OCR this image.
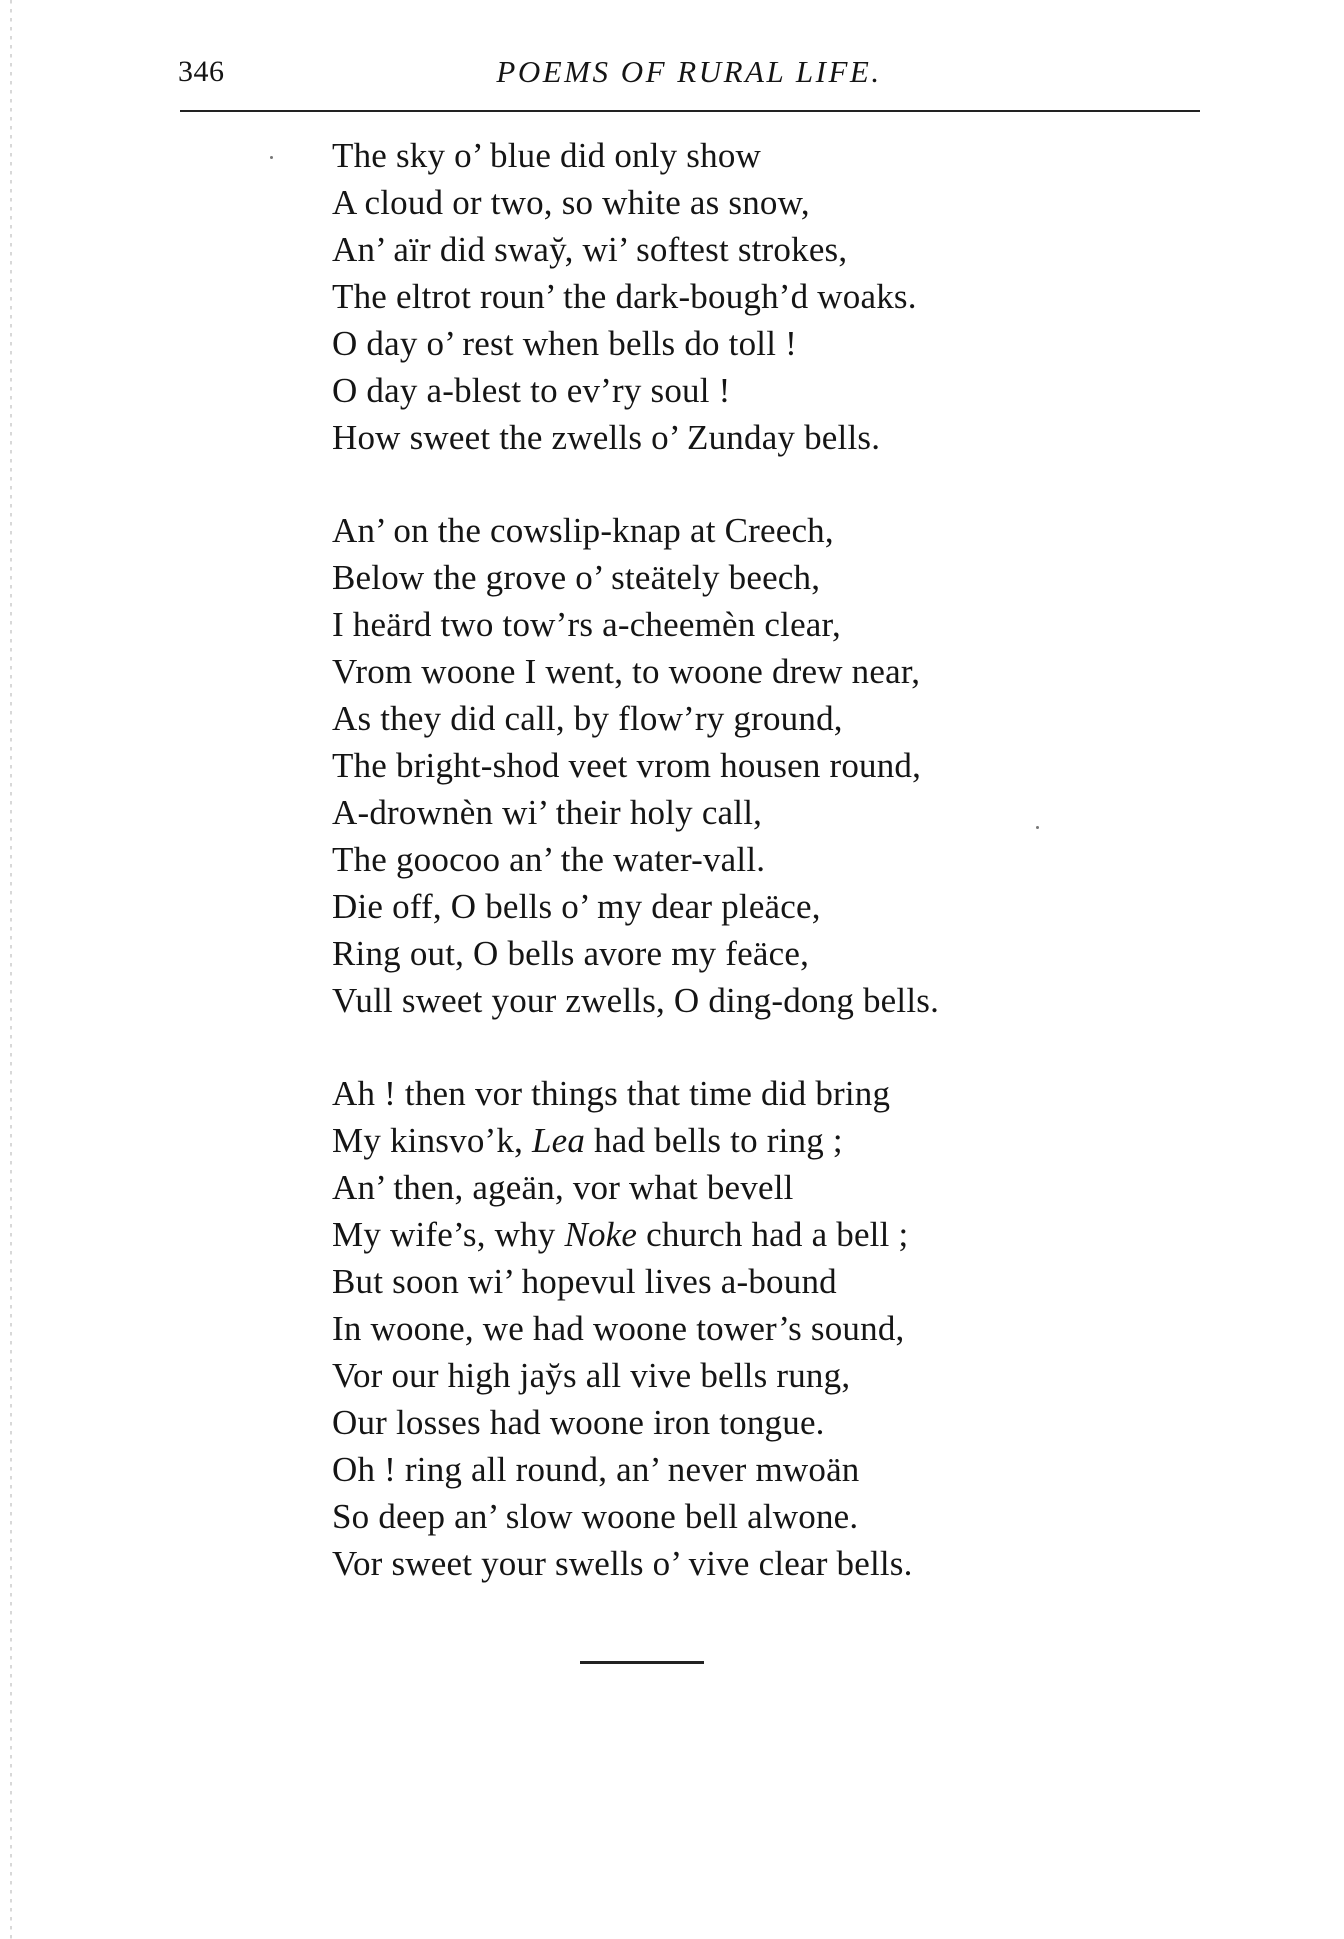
346	POEMS OF RURAL LIFE.
The sky o’ blue did only show
A cloud or two, so white as snow,
An’ aïr did sway̆, wi’ softest strokes,
The eltrot roun’ the dark-bough’d woaks.
O day o’ rest when bells do toll !
O day a-blest to ev’ry soul !
How sweet the zwells o’ Zunday bells.
An’ on the cowslip-knap at Creech,
Below the grove o’ steätely beech,
I heärd two tow’rs a-cheemèn clear,
Vrom woone I went, to woone drew near,
As they did call, by flow’ry ground,
The bright-shod veet vrom housen round,
A-drownèn wi’ their holy call,
The goocoo an’ the water-vall.
Die off, O bells o’ my dear pleäce,
Ring out, O bells avore my feäce,
Vull sweet your zwells, O ding-dong bells.
Ah ! then vor things that time did bring
My kinsvo’k, Lea had bells to ring ;
An’ then, ageän, vor what bevell
My wife’s, why Noke church had a bell ;
But soon wi’ hopevul lives a-bound
In woone, we had woone tower’s sound,
Vor our high jay̆s all vive bells rung,
Our losses had woone iron tongue.
Oh ! ring all round, an’ never mwoän
So deep an’ slow woone bell alwone.
Vor sweet your swells o’ vive clear bells.
